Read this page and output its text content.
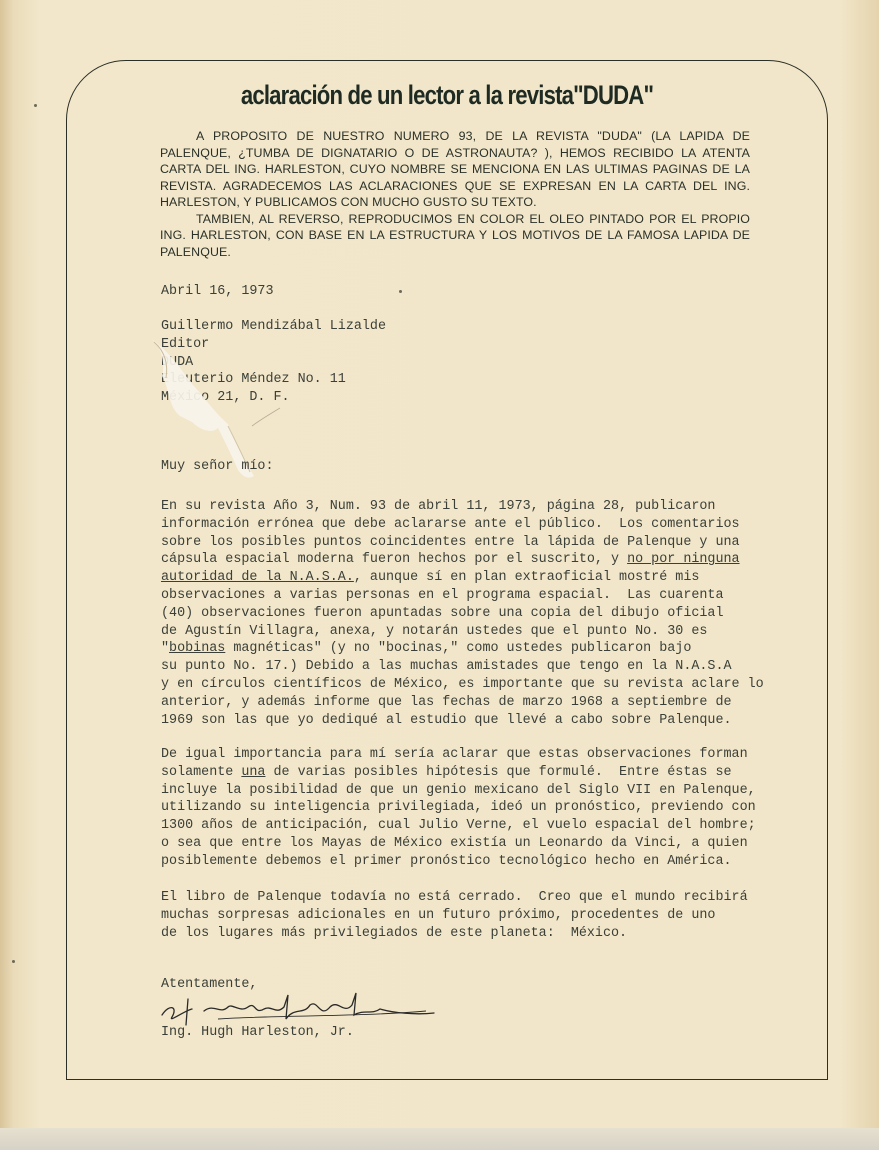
aclaración de un lector a la revista"DUDA"

A PROPOSITO DE NUESTRO NUMERO 93, DE LA REVISTA "DUDA" (LA LAPIDA DE PALENQUE, ¿TUMBA DE DIGNATARIO O DE ASTRONAUTA? ), HEMOS RECIBIDO LA ATENTA CARTA DEL ING. HARLESTON, CUYO NOMBRE SE MENCIONA EN LAS ULTIMAS PAGINAS DE LA REVISTA. AGRADECEMOS LAS ACLARACIONES QUE SE EXPRESAN EN LA CARTA DEL ING. HARLESTON, Y PUBLICAMOS CON MUCHO GUSTO SU TEXTO.

TAMBIEN, AL REVERSO, REPRODUCIMOS EN COLOR EL OLEO PINTADO POR EL PROPIO ING. HARLESTON, CON BASE EN LA ESTRUCTURA Y LOS MOTIVOS DE LA FAMOSA LAPIDA DE PALENQUE.

Abril 16, 1973
Guillermo Mendizábal Lizalde
Editor
DUDA
Eleuterio Méndez No. 11
México 21, D. F.
Muy señor mío:
En su revista Año 3, Num. 93 de abril 11, 1973, página 28, publicaron
información errónea que debe aclararse ante el público.  Los comentarios
sobre los posibles puntos coincidentes entre la lápida de Palenque y una
cápsula espacial moderna fueron hechos por el suscrito, y no por ninguna
autoridad de la N.A.S.A., aunque sí en plan extraoficial mostré mis
observaciones a varias personas en el programa espacial.  Las cuarenta
(40) observaciones fueron apuntadas sobre una copia del dibujo oficial
de Agustín Villagra, anexa, y notarán ustedes que el punto No. 30 es
"bobinas magnéticas" (y no "bocinas," como ustedes publicaron bajo
su punto No. 17.) Debido a las muchas amistades que tengo en la N.A.S.A
y en círculos científicos de México, es importante que su revista aclare lo
anterior, y además informe que las fechas de marzo 1968 a septiembre de
1969 son las que yo dediqué al estudio que llevé a cabo sobre Palenque.
De igual importancia para mí sería aclarar que estas observaciones forman
solamente una de varias posibles hipótesis que formulé.  Entre éstas se
incluye la posibilidad de que un genio mexicano del Siglo VII en Palenque,
utilizando su inteligencia privilegiada, ideó un pronóstico, previendo con
1300 años de anticipación, cual Julio Verne, el vuelo espacial del hombre;
o sea que entre los Mayas de México existía un Leonardo da Vinci, a quien
posiblemente debemos el primer pronóstico tecnológico hecho en América.
El libro de Palenque todavía no está cerrado.  Creo que el mundo recibirá
muchas sorpresas adicionales en un futuro próximo, procedentes de uno
de los lugares más privilegiados de este planeta:  México.
Atentamente,
Ing. Hugh Harleston, Jr.
